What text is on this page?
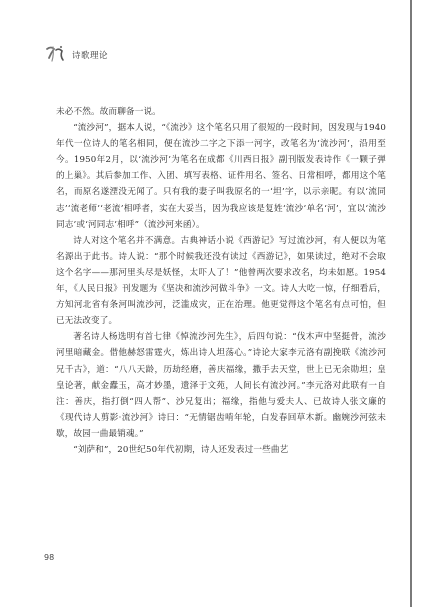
诗歌理论

未必不然。故而聊备一说。

“流沙河”，据本人说，“《流沙》这个笔名只用了很短的一段时间，因发现与1940年代一位诗人的笔名相同，便在流沙二字之下添一河字，改笔名为‘流沙河’，沿用至今。1950年2月，以‘流沙河’为笔名在成都《川西日报》副刊版发表诗作《一颗子弹的上巢》。其后参加工作、入团、填写表格、证件用名、签名、日常相呼，都用这个笔名，而原名遂湮没无闻了。只有我的妻子叫我原名的一‘坦’字，以示亲昵。有以‘流同志’‘流老师’‘老流’相呼者，实在大妥当，因为我应该是复姓‘流沙’单名‘河’，宜以‘流沙同志’或‘河同志’相呼”（流沙河来函）。

诗人对这个笔名并不满意。古典神话小说《西游记》写过流沙河，有人便以为笔名源出于此书。诗人说：“那个时候我还没有读过《西游记》，如果读过，绝对不会取这个名字——那河里头尽是妖怪，太吓人了！”他曾两次要求改名，均未如愿。1954年，《人民日报》刊发题为《坚决和流沙河做斗争》一文。诗人大吃一惊，仔细看后，方知河北省有条河叫流沙河，泛滥成灾，正在治理。他更觉得这个笔名有点可怕，但已无法改变了。

著名诗人杨选明有首七律《悼流沙河先生》，后四句说：“伐木声中坚挺骨，流沙河里暗藏金。借他赫怒雷霆火，炼出诗人坦荡心。”诗论大家李元洛有副挽联《流沙河兄千古》，道：“八八天龄，历劫经磨，善庆福缘，撒手去天堂，世上已无余勋坦；皇皇论著，献金蠹玉，高才妙墨，遗泽于文苑，人间长有流沙河。”李元洛对此联有一自注：善庆，指打倒“四人帮”、沙兄复出；福缘，指他与爱夫人、已故诗人张文廉的《现代诗人剪影·流沙河》诗曰：“无情锯齿啃年轮，白发春回草木新。幽婉沙河弦未歇，故园一曲最销魂。”

“刘萨和”，20世纪50年代初期，诗人还发表过一些曲艺

98
